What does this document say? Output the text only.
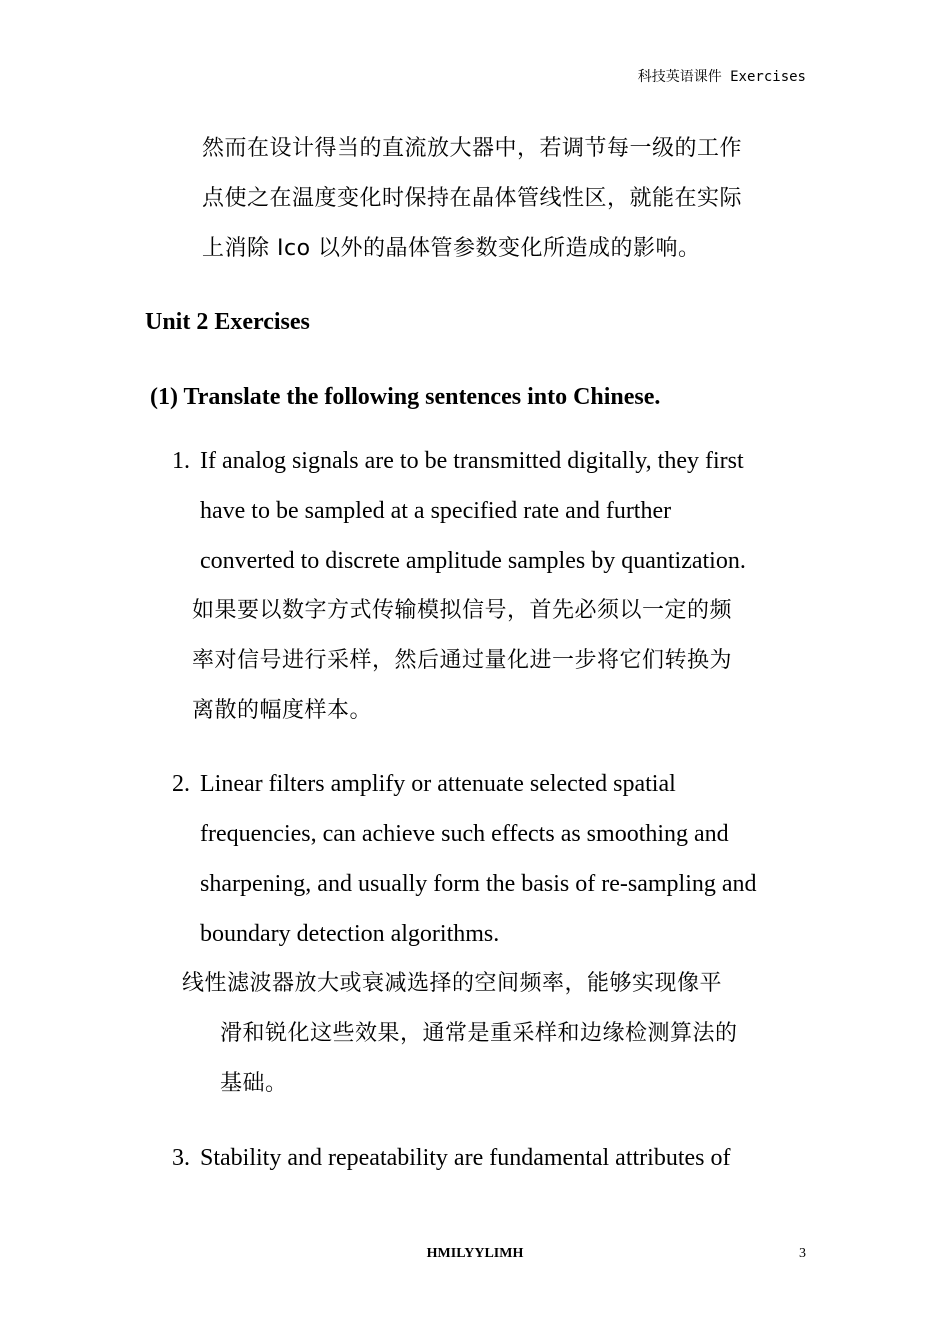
科技英语课件 Exercises
然而在设计得当的直流放大器中，若调节每一级的工作
点使之在温度变化时保持在晶体管线性区，就能在实际
上消除 Ico 以外的晶体管参数变化所造成的影响。
Unit 2 Exercises
(1) Translate the following sentences into Chinese.
1. If analog signals are to be transmitted digitally, they first
have to be sampled at a specified rate and further
converted to discrete amplitude samples by quantization.
如果要以数字方式传输模拟信号，首先必须以一定的频
率对信号进行采样，然后通过量化进一步将它们转换为
离散的幅度样本。
2. Linear filters amplify or attenuate selected spatial
frequencies, can achieve such effects as smoothing and
sharpening, and usually form the basis of re-sampling and
boundary detection algorithms.
线性滤波器放大或衰减选择的空间频率，能够实现像平
滑和锐化这些效果，通常是重采样和边缘检测算法的
基础。
3. Stability and repeatability are fundamental attributes of
HMILYYLIMH	3
